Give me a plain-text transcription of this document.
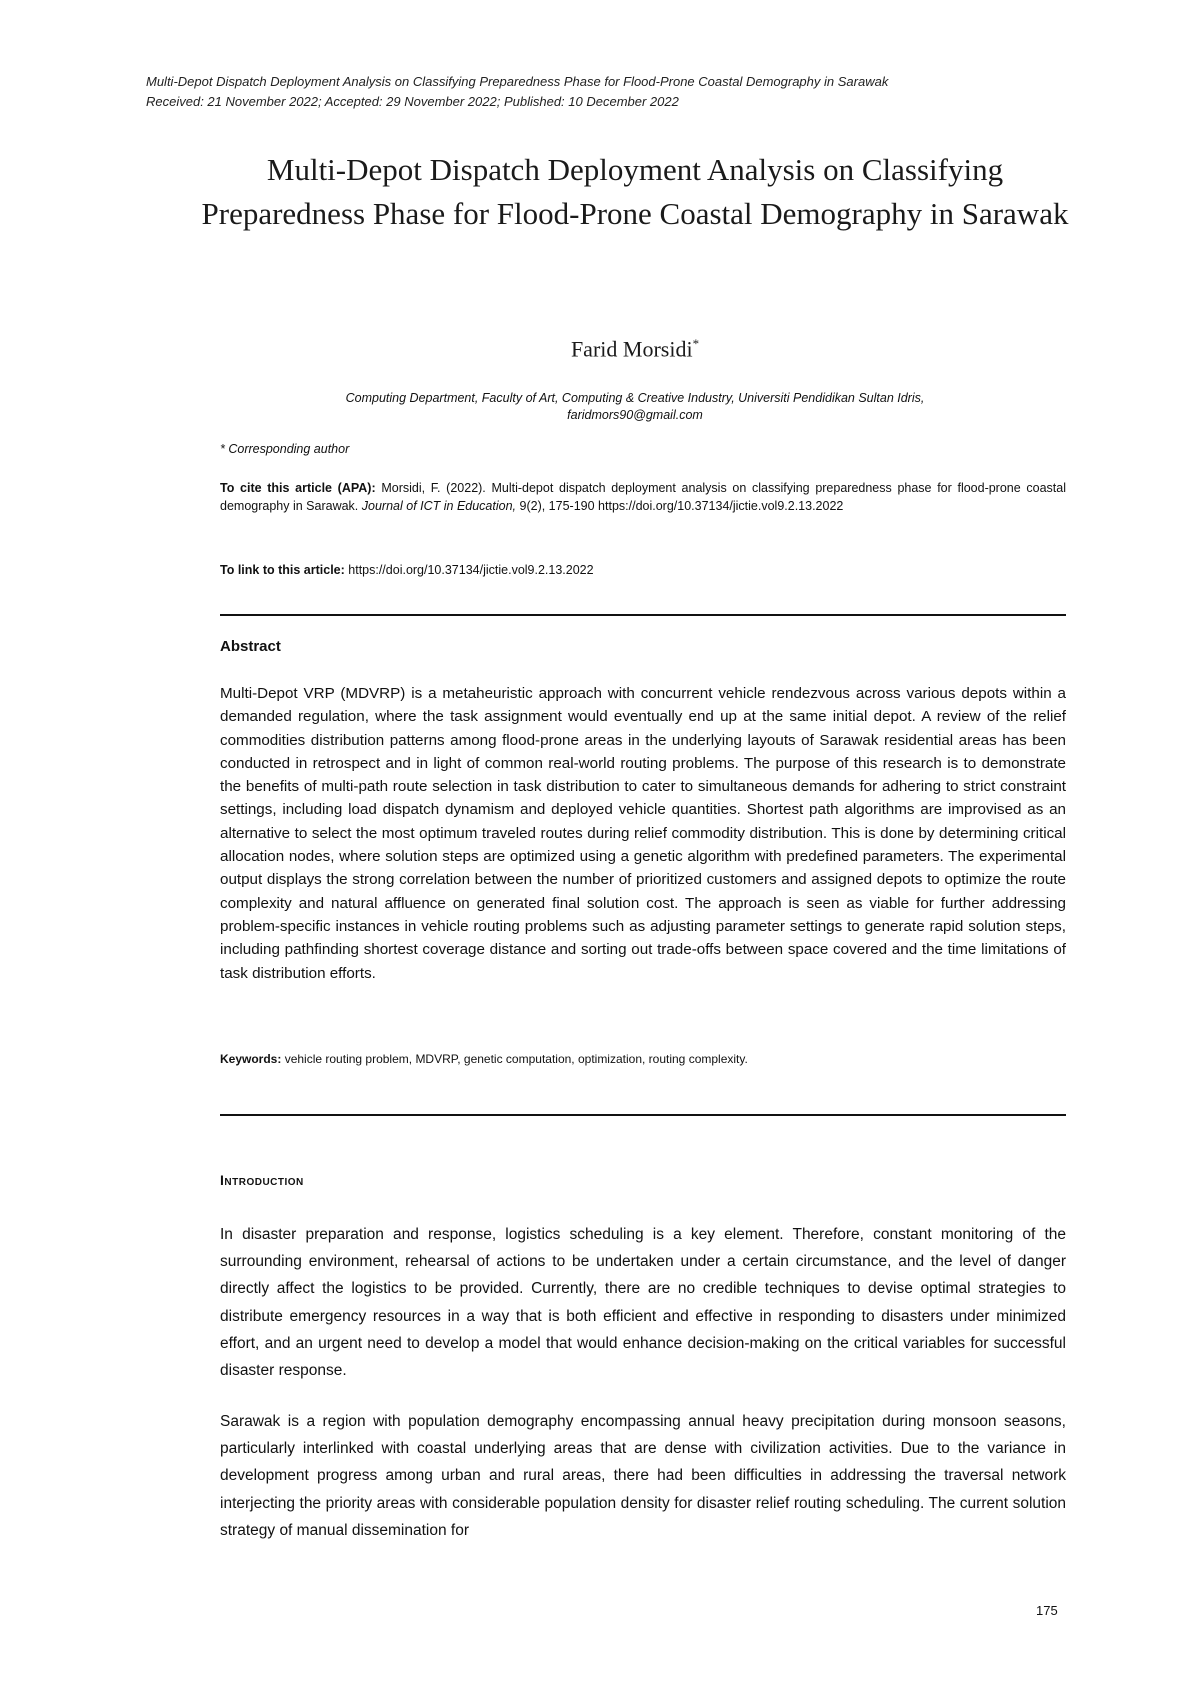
Multi-Depot Dispatch Deployment Analysis on Classifying Preparedness Phase for Flood-Prone Coastal Demography in Sarawak
Received: 21 November 2022; Accepted: 29 November 2022; Published: 10 December 2022
Multi-Depot Dispatch Deployment Analysis on Classifying Preparedness Phase for Flood-Prone Coastal Demography in Sarawak
Farid Morsidi*
Computing Department, Faculty of Art, Computing & Creative Industry, Universiti Pendidikan Sultan Idris,
faridmors90@gmail.com
* Corresponding author
To cite this article (APA): Morsidi, F. (2022). Multi-depot dispatch deployment analysis on classifying preparedness phase for flood-prone coastal demography in Sarawak. Journal of ICT in Education, 9(2), 175-190 https://doi.org/10.37134/jictie.vol9.2.13.2022
To link to this article: https://doi.org/10.37134/jictie.vol9.2.13.2022
Abstract
Multi-Depot VRP (MDVRP) is a metaheuristic approach with concurrent vehicle rendezvous across various depots within a demanded regulation, where the task assignment would eventually end up at the same initial depot. A review of the relief commodities distribution patterns among flood-prone areas in the underlying layouts of Sarawak residential areas has been conducted in retrospect and in light of common real-world routing problems. The purpose of this research is to demonstrate the benefits of multi-path route selection in task distribution to cater to simultaneous demands for adhering to strict constraint settings, including load dispatch dynamism and deployed vehicle quantities. Shortest path algorithms are improvised as an alternative to select the most optimum traveled routes during relief commodity distribution. This is done by determining critical allocation nodes, where solution steps are optimized using a genetic algorithm with predefined parameters. The experimental output displays the strong correlation between the number of prioritized customers and assigned depots to optimize the route complexity and natural affluence on generated final solution cost. The approach is seen as viable for further addressing problem-specific instances in vehicle routing problems such as adjusting parameter settings to generate rapid solution steps, including pathfinding shortest coverage distance and sorting out trade-offs between space covered and the time limitations of task distribution efforts.
Keywords: vehicle routing problem, MDVRP, genetic computation, optimization, routing complexity.
Introduction
In disaster preparation and response, logistics scheduling is a key element. Therefore, constant monitoring of the surrounding environment, rehearsal of actions to be undertaken under a certain circumstance, and the level of danger directly affect the logistics to be provided. Currently, there are no credible techniques to devise optimal strategies to distribute emergency resources in a way that is both efficient and effective in responding to disasters under minimized effort, and an urgent need to develop a model that would enhance decision-making on the critical variables for successful disaster response.
Sarawak is a region with population demography encompassing annual heavy precipitation during monsoon seasons, particularly interlinked with coastal underlying areas that are dense with civilization activities. Due to the variance in development progress among urban and rural areas, there had been difficulties in addressing the traversal network interjecting the priority areas with considerable population density for disaster relief routing scheduling. The current solution strategy of manual dissemination for
175
